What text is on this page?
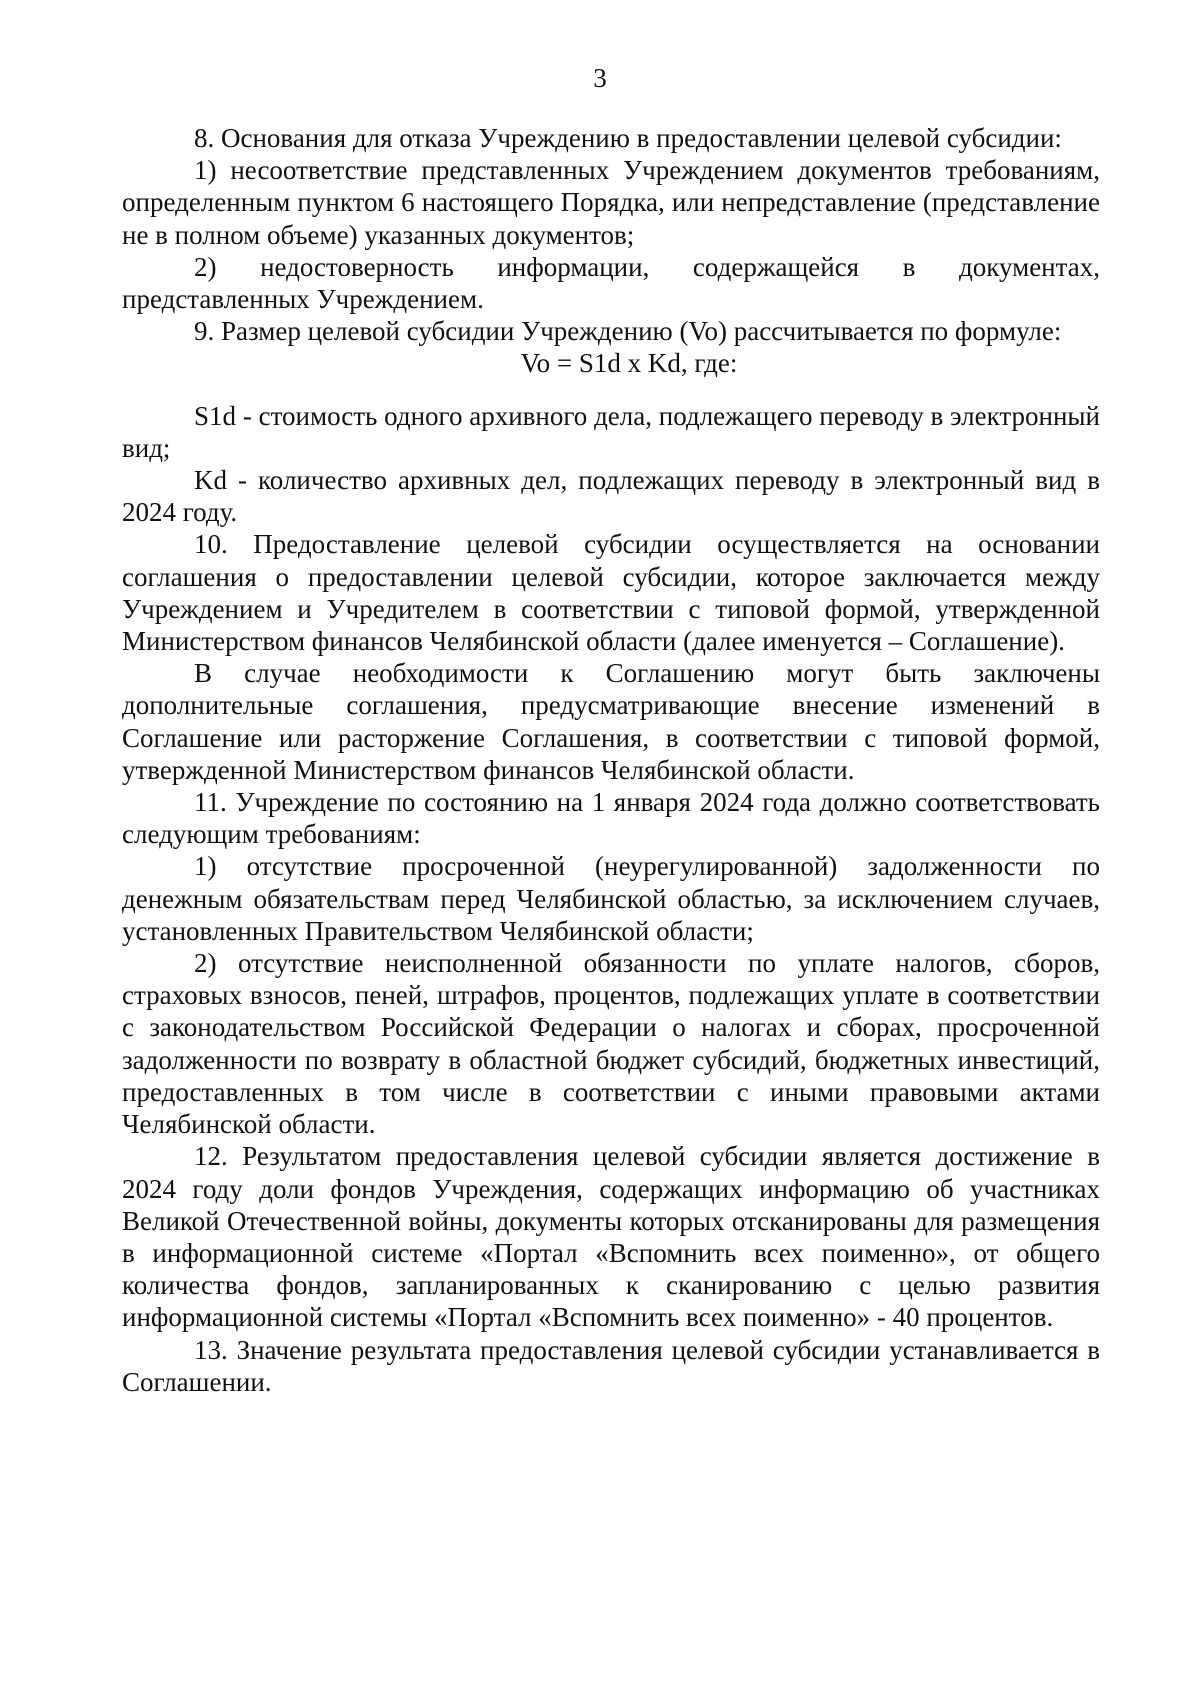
3

8. Основания для отказа Учреждению в предоставлении целевой субсидии:

1) несоответствие представленных Учреждением документов требованиям, определенным пунктом 6 настоящего Порядка, или непредставление (представление не в полном объеме) указанных документов;

2) недостоверность информации, содержащейся в документах, представленных Учреждением.

9. Размер целевой субсидии Учреждению (Vo) рассчитывается по формуле:

Vo = S1d x Kd, где:

S1d - стоимость одного архивного дела, подлежащего переводу в электронный вид;

Kd - количество архивных дел, подлежащих переводу в электронный вид в 2024 году.

10. Предоставление целевой субсидии осуществляется на основании соглашения о предоставлении целевой субсидии, которое заключается между Учреждением и Учредителем в соответствии с типовой формой, утвержденной Министерством финансов Челябинской области (далее именуется – Соглашение).

В случае необходимости к Соглашению могут быть заключены дополнительные соглашения, предусматривающие внесение изменений в Соглашение или расторжение Соглашения, в соответствии с типовой формой, утвержденной Министерством финансов Челябинской области.

11. Учреждение по состоянию на 1 января 2024 года должно соответствовать следующим требованиям:

1) отсутствие просроченной (неурегулированной) задолженности по денежным обязательствам перед Челябинской областью, за исключением случаев, установленных Правительством Челябинской области;

2) отсутствие неисполненной обязанности по уплате налогов, сборов, страховых взносов, пеней, штрафов, процентов, подлежащих уплате в соответствии с законодательством Российской Федерации о налогах и сборах, просроченной задолженности по возврату в областной бюджет субсидий, бюджетных инвестиций, предоставленных в том числе в соответствии с иными правовыми актами Челябинской области.

12. Результатом предоставления целевой субсидии является достижение в 2024 году доли фондов Учреждения, содержащих информацию об участниках Великой Отечественной войны, документы которых отсканированы для размещения в информационной системе «Портал «Вспомнить всех поименно», от общего количества фондов, запланированных к сканированию с целью развития информационной системы «Портал «Вспомнить всех поименно» - 40 процентов.

13. Значение результата предоставления целевой субсидии устанавливается в Соглашении.
